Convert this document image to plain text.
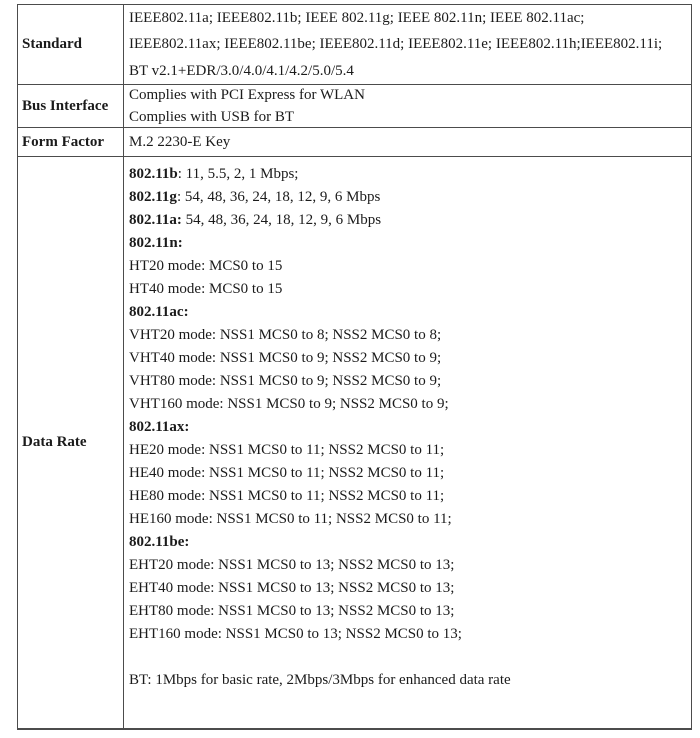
Standard
IEEE802.11a; IEEE802.11b; IEEE 802.11g; IEEE 802.11n; IEEE 802.11ac;
IEEE802.11ax; IEEE802.11be; IEEE802.11d; IEEE802.11e; IEEE802.11h;IEEE802.11i;
BT v2.1+EDR/3.0/4.0/4.1/4.2/5.0/5.4
Bus Interface
Complies with PCI Express for WLAN
Complies with USB for BT
Form Factor	M.2 2230-E Key
Data Rate
802.11b: 11, 5.5, 2, 1 Mbps;
802.11g: 54, 48, 36, 24, 18, 12, 9, 6 Mbps
802.11a: 54, 48, 36, 24, 18, 12, 9, 6 Mbps
802.11n:
HT20 mode: MCS0 to 15
HT40 mode: MCS0 to 15
802.11ac:
VHT20 mode: NSS1 MCS0 to 8; NSS2 MCS0 to 8;
VHT40 mode: NSS1 MCS0 to 9; NSS2 MCS0 to 9;
VHT80 mode: NSS1 MCS0 to 9; NSS2 MCS0 to 9;
VHT160 mode: NSS1 MCS0 to 9; NSS2 MCS0 to 9;
802.11ax:
HE20 mode: NSS1 MCS0 to 11; NSS2 MCS0 to 11;
HE40 mode: NSS1 MCS0 to 11; NSS2 MCS0 to 11;
HE80 mode: NSS1 MCS0 to 11; NSS2 MCS0 to 11;
HE160 mode: NSS1 MCS0 to 11; NSS2 MCS0 to 11;
802.11be:
EHT20 mode: NSS1 MCS0 to 13; NSS2 MCS0 to 13;
EHT40 mode: NSS1 MCS0 to 13; NSS2 MCS0 to 13;
EHT80 mode: NSS1 MCS0 to 13; NSS2 MCS0 to 13;
EHT160 mode: NSS1 MCS0 to 13; NSS2 MCS0 to 13;
BT: 1Mbps for basic rate, 2Mbps/3Mbps for enhanced data rate
